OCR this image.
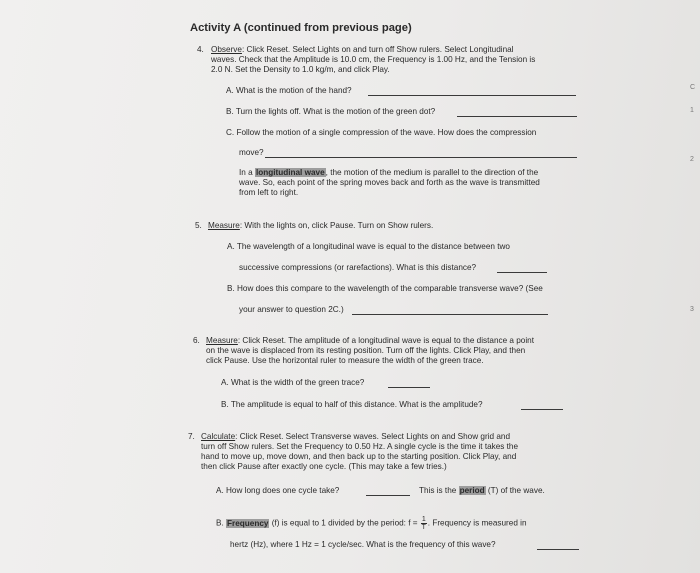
Activity A (continued from previous page)
4. Observe: Click Reset. Select Lights on and turn off Show rulers. Select Longitudinal
waves. Check that the Amplitude is 10.0 cm, the Frequency is 1.00 Hz, and the Tension is
2.0 N. Set the Density to 1.0 kg/m, and click Play.
A. What is the motion of the hand?
B. Turn the lights off. What is the motion of the green dot?
C. Follow the motion of a single compression of the wave. How does the compression
move?
In a longitudinal wave, the motion of the medium is parallel to the direction of the
wave. So, each point of the spring moves back and forth as the wave is transmitted
from left to right.
5. Measure: With the lights on, click Pause. Turn on Show rulers.
A. The wavelength of a longitudinal wave is equal to the distance between two
successive compressions (or rarefactions). What is this distance?
B. How does this compare to the wavelength of the comparable transverse wave? (See
your answer to question 2C.)
6. Measure: Click Reset. The amplitude of a longitudinal wave is equal to the distance a point
on the wave is displaced from its resting position. Turn off the lights. Click Play, and then
click Pause. Use the horizontal ruler to measure the width of the green trace.
A. What is the width of the green trace?
B. The amplitude is equal to half of this distance. What is the amplitude?
7. Calculate: Click Reset. Select Transverse waves. Select Lights on and Show grid and
turn off Show rulers. Set the Frequency to 0.50 Hz. A single cycle is the time it takes the
hand to move up, move down, and then back up to the starting position. Click Play, and
then click Pause after exactly one cycle. (This may take a few tries.)
A. How long does one cycle take?	This is the period (T) of the wave.
B. Frequency (f) is equal to 1 divided by the period: $f = \frac{1}{T}$ . Frequency is measured in
hertz (Hz), where 1 Hz = 1 cycle/sec. What is the frequency of this wave?
C
1
2
3
